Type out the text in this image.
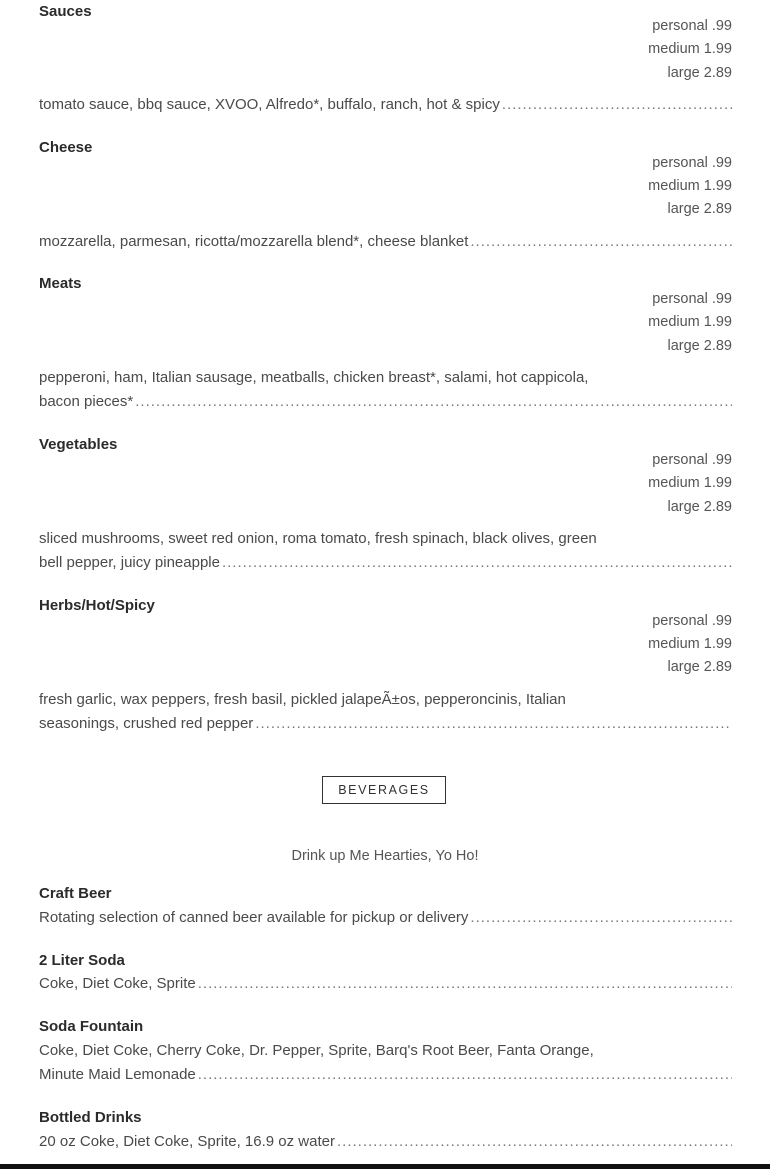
Sauces
personal .99
medium 1.99
large 2.89
tomato sauce, bbq sauce, XVOO, Alfredo*, buffalo, ranch, hot & spicy
.....
Cheese
personal .99
medium 1.99
large 2.89
mozzarella, parmesan, ricotta/mozzarella blend*, cheese blanket
.....
Meats
personal .99
medium 1.99
large 2.89
pepperoni, ham, Italian sausage, meatballs, chicken breast*, salami, hot cappicola,
bacon pieces*
.....
Vegetables
personal .99
medium 1.99
large 2.89
sliced mushrooms, sweet red onion, roma tomato, fresh spinach, black olives, green
bell pepper, juicy pineapple
.....
Herbs/Hot/Spicy
personal .99
medium 1.99
large 2.89
fresh garlic, wax peppers, fresh basil, pickled jalapeÃ±os, pepperoncinis, Italian
seasonings, crushed red pepper
.....
BEVERAGES
Drink up Me Hearties, Yo Ho!
Craft Beer
Rotating selection of canned beer available for pickup or delivery
.....
2 Liter Soda
Coke, Diet Coke, Sprite
.....
Soda Fountain
Coke, Diet Coke, Cherry Coke, Dr. Pepper, Sprite, Barq's Root Beer, Fanta Orange,
Minute Maid Lemonade
.....
Bottled Drinks
20 oz Coke, Diet Coke, Sprite, 16.9 oz water
.....
